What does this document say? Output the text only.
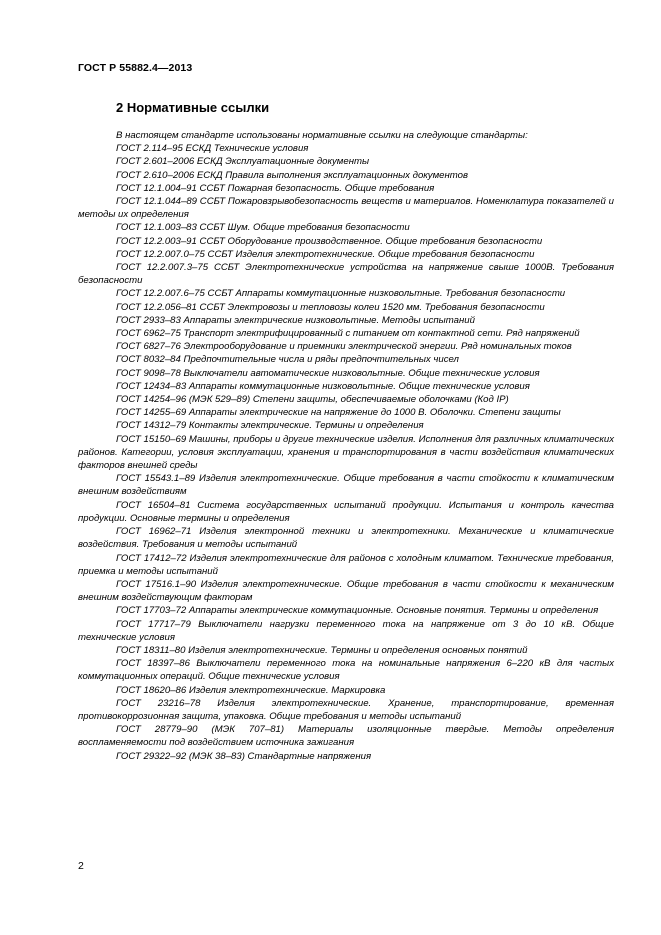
ГОСТ Р 55882.4—2013
2 Нормативные ссылки

В настоящем стандарте использованы нормативные ссылки на следующие стандарты:

ГОСТ 2.114–95 ЕСКД Технические условия

ГОСТ 2.601–2006 ЕСКД Эксплуатационные документы

ГОСТ 2.610–2006 ЕСКД Правила выполнения эксплуатационных документов

ГОСТ 12.1.004–91 ССБТ Пожарная безопасность. Общие требования

ГОСТ 12.1.044–89 ССБТ Пожаровзрывобезопасность веществ и материалов. Номенклатура показателей и методы их определения

ГОСТ 12.1.003–83 ССБТ Шум. Общие требования безопасности

ГОСТ 12.2.003–91 ССБТ Оборудование производственное. Общие требования безопасности

ГОСТ 12.2.007.0–75 ССБТ Изделия электротехнические. Общие требования безопасности

ГОСТ 12.2.007.3–75 ССБТ Электротехнические устройства на напряжение свыше 1000В. Требования безопасности

ГОСТ 12.2.007.6–75 ССБТ Аппараты коммутационные низковольтные. Требования безопасности

ГОСТ 12.2.056–81 ССБТ Электровозы и тепловозы колеи 1520 мм. Требования безопасности

ГОСТ 2933–83 Аппараты электрические низковольтные. Методы испытаний

ГОСТ 6962–75 Транспорт электрифицированный с питанием от контактной сети. Ряд напряжений

ГОСТ 6827–76 Электрооборудование и приемники электрической энергии. Ряд номинальных токов

ГОСТ 8032–84 Предпочтительные числа и ряды предпочтительных чисел

ГОСТ 9098–78 Выключатели автоматические низковольтные. Общие технические условия

ГОСТ 12434–83 Аппараты коммутационные низковольтные. Общие технические условия

ГОСТ 14254–96 (МЭК 529–89) Степени защиты, обеспечиваемые оболочками (Код IP)

ГОСТ 14255–69 Аппараты электрические на напряжение до 1000 В. Оболочки. Степени защиты

ГОСТ 14312–79 Контакты электрические. Термины и определения

ГОСТ 15150–69 Машины, приборы и другие технические изделия. Исполнения для различных климатических районов. Категории, условия эксплуатации, хранения и транспортирования в части воздействия климатических факторов внешней среды

ГОСТ 15543.1–89 Изделия электротехнические. Общие требования в части стойкости к климатическим внешним воздействиям

ГОСТ 16504–81 Система государственных испытаний продукции. Испытания и контроль качества продукции. Основные термины и определения

ГОСТ 16962–71 Изделия электронной техники и электротехники. Механические и климатические воздействия. Требования и методы испытаний

ГОСТ 17412–72 Изделия электротехнические для районов с холодным климатом. Технические требования, приемка и методы испытаний

ГОСТ 17516.1–90 Изделия электротехнические. Общие требования в части стойкости к механическим внешним воздействующим факторам

ГОСТ 17703–72 Аппараты электрические коммутационные. Основные понятия. Термины и определения

ГОСТ 17717–79 Выключатели нагрузки переменного тока на напряжение от 3 до 10 кВ. Общие технические условия

ГОСТ 18311–80 Изделия электротехнические. Термины и определения основных понятий

ГОСТ 18397–86 Выключатели переменного тока на номинальные напряжения 6–220 кВ для частых коммутационных операций. Общие технические условия

ГОСТ 18620–86 Изделия электротехнические. Маркировка

ГОСТ 23216–78 Изделия электротехнические. Хранение, транспортирование, временная противокоррозионная защита, упаковка. Общие требования и методы испытаний

ГОСТ 28779–90 (МЭК 707–81) Материалы изоляционные твердые. Методы определения воспламеняемости под воздействием источника зажигания

ГОСТ 29322–92 (МЭК 38–83) Стандартные напряжения

2
